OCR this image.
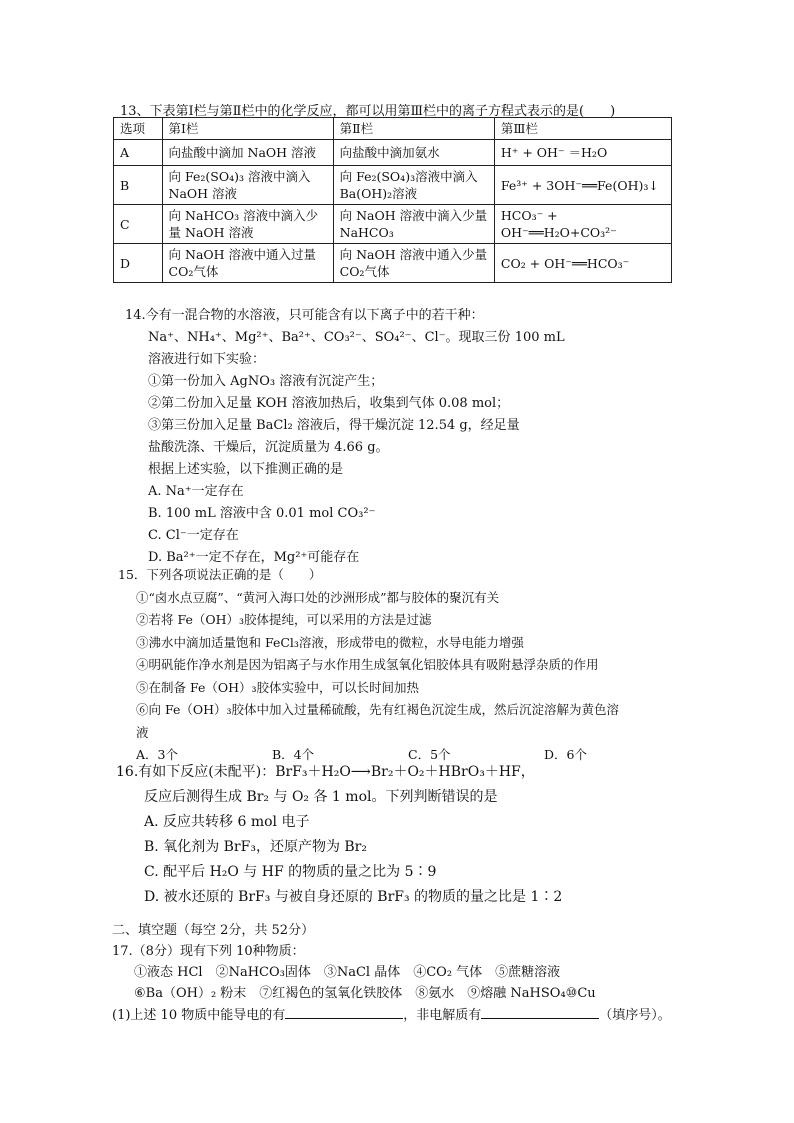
13、下表第Ⅰ栏与第Ⅱ栏中的化学反应，都可以用第Ⅲ栏中的离子方程式表示的是(　　)
选项	第Ⅰ栏	第Ⅱ栏	第Ⅲ栏
A	向盐酸中滴加 NaOH 溶液	向盐酸中滴加氨水	H⁺ + OH⁻ ＝H₂O
B	向 Fe₂(SO₄)₃ 溶液中滴入 NaOH 溶液	向 Fe₂(SO₄)₃溶液中滴入 Ba(OH)₂溶液	Fe³⁺ + 3OH⁻══Fe(OH)₃↓
C	向 NaHCO₃ 溶液中滴入少量 NaOH 溶液	向 NaOH 溶液中滴入少量 NaHCO₃	HCO₃⁻ + OH⁻══H₂O+CO₃²⁻
D	向 NaOH 溶液中通入过量 CO₂气体	向 NaOH 溶液中通入少量 CO₂气体	CO₂ + OH⁻══HCO₃⁻
14.今有一混合物的水溶液，只可能含有以下离子中的若干种：
Na⁺、NH₄⁺、Mg²⁺、Ba²⁺、CO₃²⁻、SO₄²⁻、Cl⁻。现取三份 100 mL
溶液进行如下实验：
①第一份加入 AgNO₃ 溶液有沉淀产生；
②第二份加入足量 KOH 溶液加热后，收集到气体 0.08 mol；
③第三份加入足量 BaCl₂ 溶液后，得干燥沉淀 12.54 g，经足量
盐酸洗涤、干燥后，沉淀质量为 4.66 g。
根据上述实验，以下推测正确的是
A. Na⁺一定存在
B. 100 mL 溶液中含 0.01 mol CO₃²⁻
C. Cl⁻一定存在
D. Ba²⁺一定不存在，Mg²⁺可能存在
15．下列各项说法正确的是（　　）
①“卤水点豆腐”、“黄河入海口处的沙洲形成”都与胶体的聚沉有关
②若将 Fe（OH）₃胶体提纯，可以采用的方法是过滤
③沸水中滴加适量饱和 FeCl₃溶液，形成带电的微粒，水导电能力增强
④明矾能作净水剂是因为铝离子与水作用生成氢氧化铝胶体具有吸附悬浮杂质的作用
⑤在制备 Fe（OH）₃胶体实验中，可以长时间加热
⑥向 Fe（OH）₃胶体中加入过量稀硫酸，先有红褐色沉淀生成，然后沉淀溶解为黄色溶
液
A．3个	B．4个	C．5个	D．6个
16.有如下反应(未配平)：BrF₃＋H₂O⟶Br₂＋O₂＋HBrO₃＋HF，
反应后测得生成 Br₂ 与 O₂ 各 1 mol。下列判断错误的是
A. 反应共转移 6 mol 电子
B. 氧化剂为 BrF₃，还原产物为 Br₂
C. 配平后 H₂O 与 HF 的物质的量之比为 5∶9
D. 被水还原的 BrF₃ 与被自身还原的 BrF₃ 的物质的量之比是 1∶2
二、填空题（每空 2分，共 52分）
17.（8分）现有下列 10种物质：
①液态 HCl　②NaHCO₃固体　③NaCl 晶体　④CO₂ 气体　⑤蔗糖溶液
⑥Ba（OH）₂ 粉末　⑦红褐色的氢氧化铁胶体　⑧氨水　⑨熔融 NaHSO₄⑩Cu
(1)上述 10 物质中能导电的有	，非电解质有	（填序号）。
